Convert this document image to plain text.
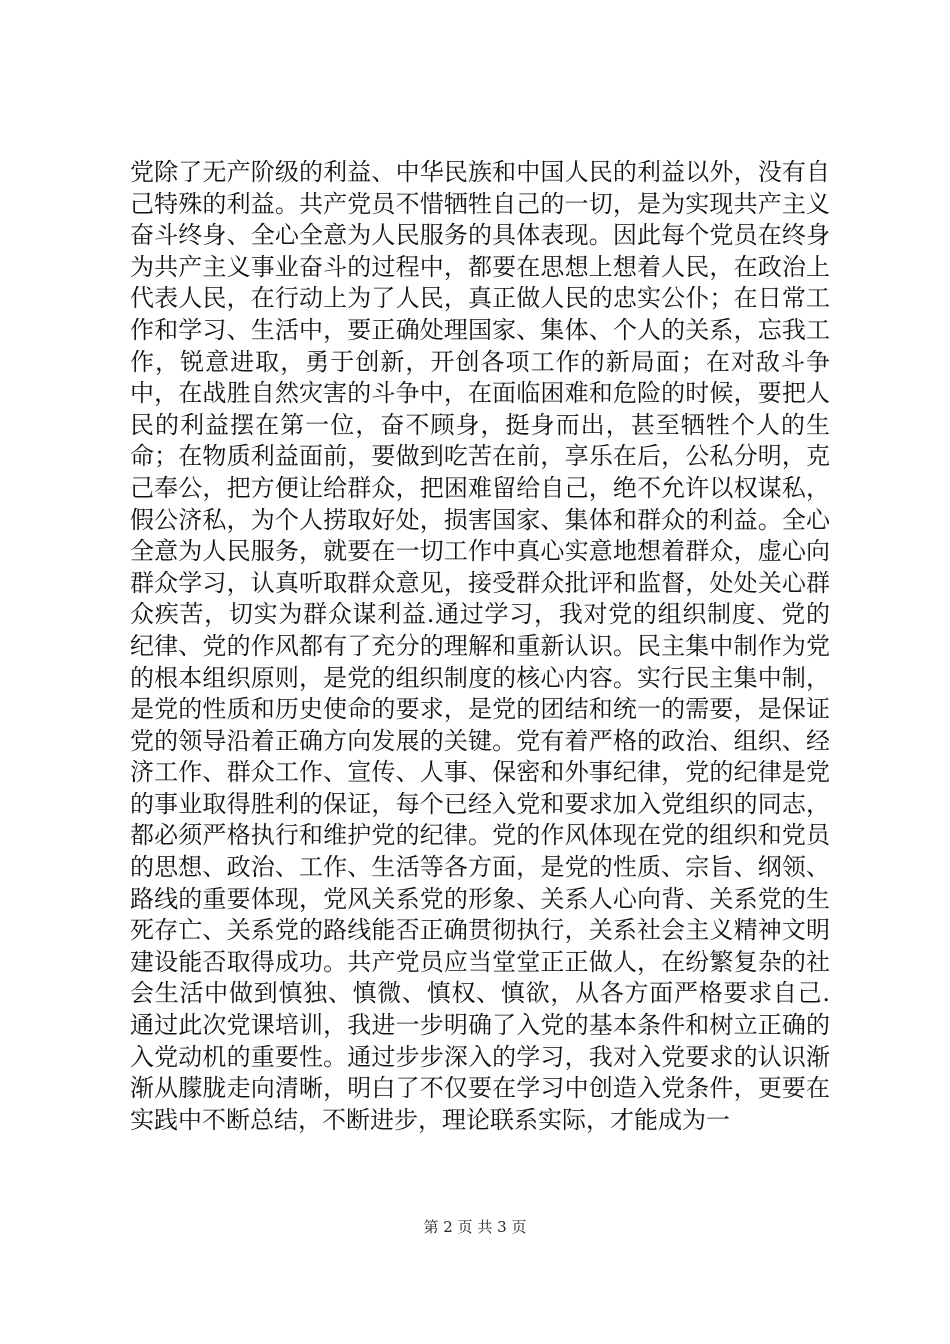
党除了无产阶级的利益、中华民族和中国人民的利益以外，没有自己特殊的利益。共产党员不惜牺牲自己的一切，是为实现共产主义奋斗终身、全心全意为人民服务的具体表现。因此每个党员在终身为共产主义事业奋斗的过程中，都要在思想上想着人民，在政治上代表人民，在行动上为了人民，真正做人民的忠实公仆；在日常工作和学习、生活中，要正确处理国家、集体、个人的关系，忘我工作，锐意进取，勇于创新，开创各项工作的新局面；在对敌斗争中，在战胜自然灾害的斗争中，在面临困难和危险的时候，要把人民的利益摆在第一位，奋不顾身，挺身而出，甚至牺牲个人的生命；在物质利益面前，要做到吃苦在前，享乐在后，公私分明，克己奉公，把方便让给群众，把困难留给自己，绝不允许以权谋私，假公济私，为个人捞取好处，损害国家、集体和群众的利益。全心全意为人民服务，就要在一切工作中真心实意地想着群众，虚心向群众学习，认真听取群众意见，接受群众批评和监督，处处关心群众疾苦，切实为群众谋利益.通过学习，我对党的组织制度、党的纪律、党的作风都有了充分的理解和重新认识。民主集中制作为党的根本组织原则，是党的组织制度的核心内容。实行民主集中制，是党的性质和历史使命的要求，是党的团结和统一的需要，是保证党的领导沿着正确方向发展的关键。党有着严格的政治、组织、经济工作、群众工作、宣传、人事、保密和外事纪律，党的纪律是党的事业取得胜利的保证，每个已经入党和要求加入党组织的同志，都必须严格执行和维护党的纪律。党的作风体现在党的组织和党员的思想、政治、工作、生活等各方面，是党的性质、宗旨、纲领、路线的重要体现，党风关系党的形象、关系人心向背、关系党的生死存亡、关系党的路线能否正确贯彻执行，关系社会主义精神文明建设能否取得成功。共产党员应当堂堂正正做人，在纷繁复杂的社会生活中做到慎独、慎微、慎权、慎欲，从各方面严格要求自己.通过此次党课培训，我进一步明确了入党的基本条件和树立正确的入党动机的重要性。通过步步深入的学习，我对入党要求的认识渐渐从朦胧走向清晰，明白了不仅要在学习中创造入党条件，更要在实践中不断总结，不断进步，理论联系实际，才能成为一

第 2 页 共 3 页
